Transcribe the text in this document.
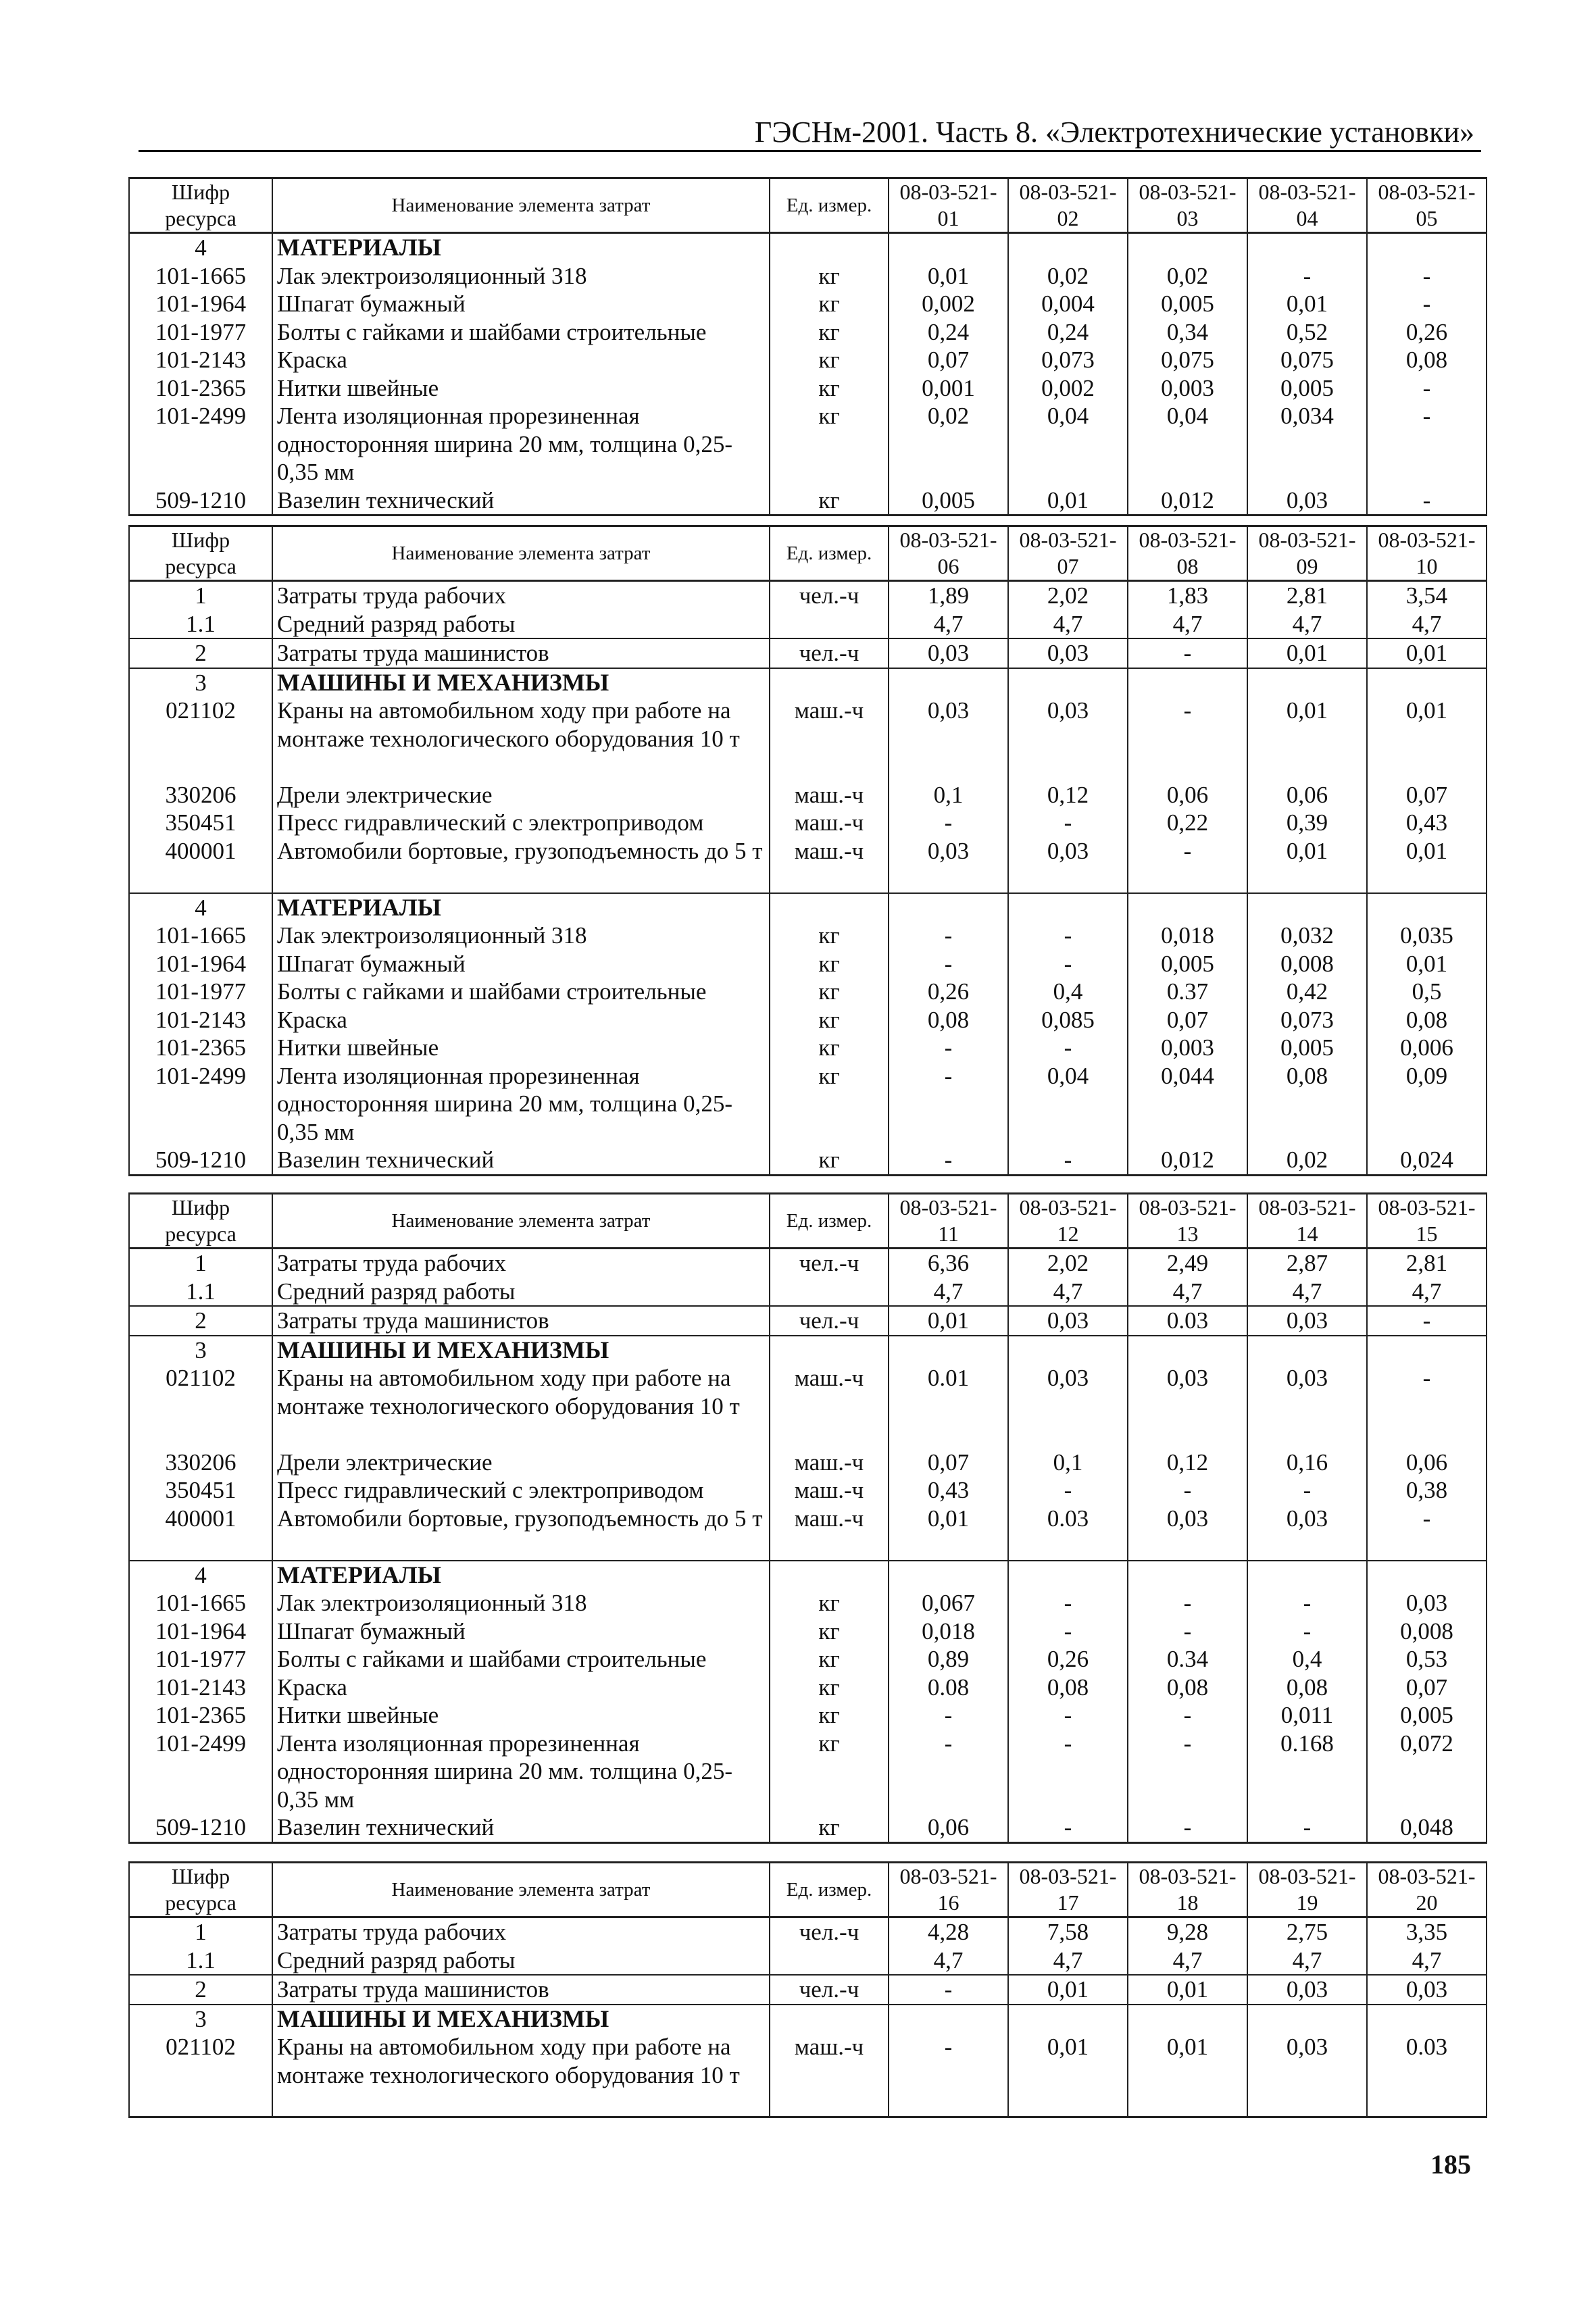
ГЭСНм-2001. Часть 8. «Электротехнические установки»
Шифр ресурса	Наименование элемента затрат	Ед. измер.	08-03-521-01	08-03-521-02	08-03-521-03	08-03-521-04	08-03-521-05
4	МАТЕРИАЛЫ						
101-1665	Лак электроизоляционный 318	кг	0,01	0,02	0,02	-	-
101-1964	Шпагат бумажный	кг	0,002	0,004	0,005	0,01	-
101-1977	Болты с гайками и шайбами строительные	кг	0,24	0,24	0,34	0,52	0,26
101-2143	Краска	кг	0,07	0,073	0,075	0,075	0,08
101-2365	Нитки швейные	кг	0,001	0,002	0,003	0,005	-
101-2499	Лента изоляционная прорезиненная односторонняя ширина 20 мм, толщина 0,25-0,35 мм	кг	0,02	0,04	0,04	0,034	-
509-1210	Вазелин технический	кг	0,005	0,01	0,012	0,03	-
Шифр ресурса	Наименование элемента затрат	Ед. измер.	08-03-521-06	08-03-521-07	08-03-521-08	08-03-521-09	08-03-521-10
1	Затраты труда рабочих	чел.-ч	1,89	2,02	1,83	2,81	3,54
1.1	Средний разряд работы		4,7	4,7	4,7	4,7	4,7
2	Затраты труда машинистов	чел.-ч	0,03	0,03	-	0,01	0,01
3	МАШИНЫ И МЕХАНИЗМЫ						
021102	Краны на автомобильном ходу при работе на монтаже технологического оборудования 10 т	маш.-ч	0,03	0,03	-	0,01	0,01
330206	Дрели электрические	маш.-ч	0,1	0,12	0,06	0,06	0,07
350451	Пресс гидравлический с электроприводом	маш.-ч	-	-	0,22	0,39	0,43
400001	Автомобили бортовые, грузоподъемность до 5 т	маш.-ч	0,03	0,03	-	0,01	0,01
4	МАТЕРИАЛЫ						
101-1665	Лак электроизоляционный 318	кг	-	-	0,018	0,032	0,035
101-1964	Шпагат бумажный	кг	-	-	0,005	0,008	0,01
101-1977	Болты с гайками и шайбами строительные	кг	0,26	0,4	0.37	0,42	0,5
101-2143	Краска	кг	0,08	0,085	0,07	0,073	0,08
101-2365	Нитки швейные	кг	-	-	0,003	0,005	0,006
101-2499	Лента изоляционная прорезиненная односторонняя ширина 20 мм, толщина 0,25-0,35 мм	кг	-	0,04	0,044	0,08	0,09
509-1210	Вазелин технический	кг	-	-	0,012	0,02	0,024
Шифр ресурса	Наименование элемента затрат	Ед. измер.	08-03-521-11	08-03-521-12	08-03-521-13	08-03-521-14	08-03-521-15
1	Затраты труда рабочих	чел.-ч	6,36	2,02	2,49	2,87	2,81
1.1	Средний разряд работы		4,7	4,7	4,7	4,7	4,7
2	Затраты труда машинистов	чел.-ч	0,01	0,03	0.03	0,03	-
3	МАШИНЫ И МЕХАНИЗМЫ						
021102	Краны на автомобильном ходу при работе на монтаже технологического оборудования 10 т	маш.-ч	0.01	0,03	0,03	0,03	-
330206	Дрели электрические	маш.-ч	0,07	0,1	0,12	0,16	0,06
350451	Пресс гидравлический с электроприводом	маш.-ч	0,43	-	-	-	0,38
400001	Автомобили бортовые, грузоподъемность до 5 т	маш.-ч	0,01	0.03	0,03	0,03	-
4	МАТЕРИАЛЫ						
101-1665	Лак электроизоляционный 318	кг	0,067	-	-	-	0,03
101-1964	Шпагат бумажный	кг	0,018	-	-	-	0,008
101-1977	Болты с гайками и шайбами строительные	кг	0,89	0,26	0.34	0,4	0,53
101-2143	Краска	кг	0.08	0,08	0,08	0,08	0,07
101-2365	Нитки швейные	кг	-	-	-	0,011	0,005
101-2499	Лента изоляционная прорезиненная односторонняя ширина 20 мм. толщина 0,25-0,35 мм	кг	-	-	-	0.168	0,072
509-1210	Вазелин технический	кг	0,06	-	-	-	0,048
Шифр ресурса	Наименование элемента затрат	Ед. измер.	08-03-521-16	08-03-521-17	08-03-521-18	08-03-521-19	08-03-521-20
1	Затраты труда рабочих	чел.-ч	4,28	7,58	9,28	2,75	3,35
1.1	Средний разряд работы		4,7	4,7	4,7	4,7	4,7
2	Затраты труда машинистов	чел.-ч	-	0,01	0,01	0,03	0,03
3	МАШИНЫ И МЕХАНИЗМЫ						
021102	Краны на автомобильном ходу при работе на монтаже технологического оборудования 10 т	маш.-ч	-	0,01	0,01	0,03	0.03
185
